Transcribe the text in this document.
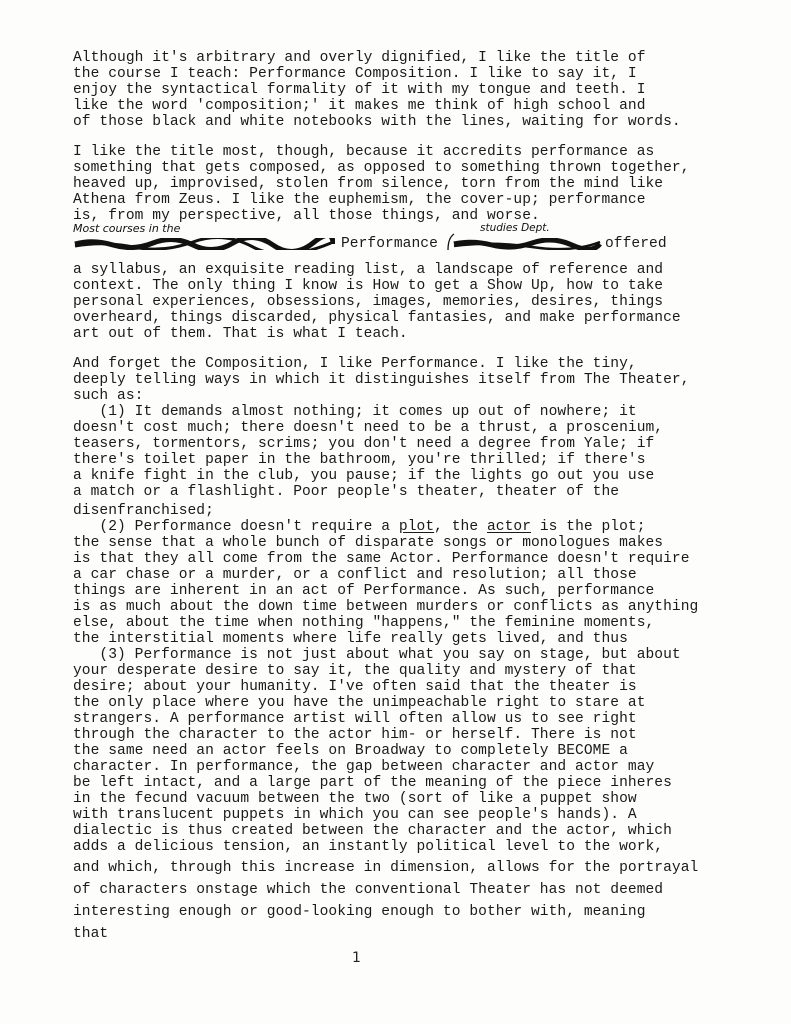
Although it's arbitrary and overly dignified, I like the title of
the course I teach: Performance Composition. I like to say it, I
enjoy the syntactical formality of it with my tongue and teeth. I
like the word 'composition;' it makes me think of high school and
of those black and white notebooks with the lines, waiting for words.
I like the title most, though, because it accredits performance as
something that gets composed, as opposed to something thrown together,
heaved up, improvised, stolen from silence, torn from the mind like
Athena from Zeus. I like the euphemism, the cover-up; performance
is, from my perspective, all those things, and worse.
Most courses in the	studies Dept.
Performance	offered
a syllabus, an exquisite reading list, a landscape of reference and
context. The only thing I know is How to get a Show Up, how to take
personal experiences, obsessions, images, memories, desires, things
overheard, things discarded, physical fantasies, and make performance
art out of them. That is what I teach.
And forget the Composition, I like Performance. I like the tiny,
deeply telling ways in which it distinguishes itself from The Theater,
such as:
(1) It demands almost nothing; it comes up out of nowhere; it
doesn't cost much; there doesn't need to be a thrust, a proscenium,
teasers, tormentors, scrims; you don't need a degree from Yale; if
there's toilet paper in the bathroom, you're thrilled; if there's
a knife fight in the club, you pause; if the lights go out you use
a match or a flashlight. Poor people's theater, theater of the
disenfranchised;
(2) Performance doesn't require a plot, the actor is the plot;
the sense that a whole bunch of disparate songs or monologues makes
is that they all come from the same Actor. Performance doesn't require
a car chase or a murder, or a conflict and resolution; all those
things are inherent in an act of Performance. As such, performance
is as much about the down time between murders or conflicts as anything
else, about the time when nothing "happens," the feminine moments,
the interstitial moments where life really gets lived, and thus
(3) Performance is not just about what you say on stage, but about
your desperate desire to say it, the quality and mystery of that
desire; about your humanity. I've often said that the theater is
the only place where you have the unimpeachable right to stare at
strangers. A performance artist will often allow us to see right
through the character to the actor him- or herself. There is not
the same need an actor feels on Broadway to completely BECOME a
character. In performance, the gap between character and actor may
be left intact, and a large part of the meaning of the piece inheres
in the fecund vacuum between the two (sort of like a puppet show
with translucent puppets in which you can see people's hands). A
dialectic is thus created between the character and the actor, which
adds a delicious tension, an instantly political level to the work,
and which, through this increase in dimension, allows for the portrayal
of characters onstage which the conventional Theater has not deemed
interesting enough or good-looking enough to bother with, meaning
that
1
